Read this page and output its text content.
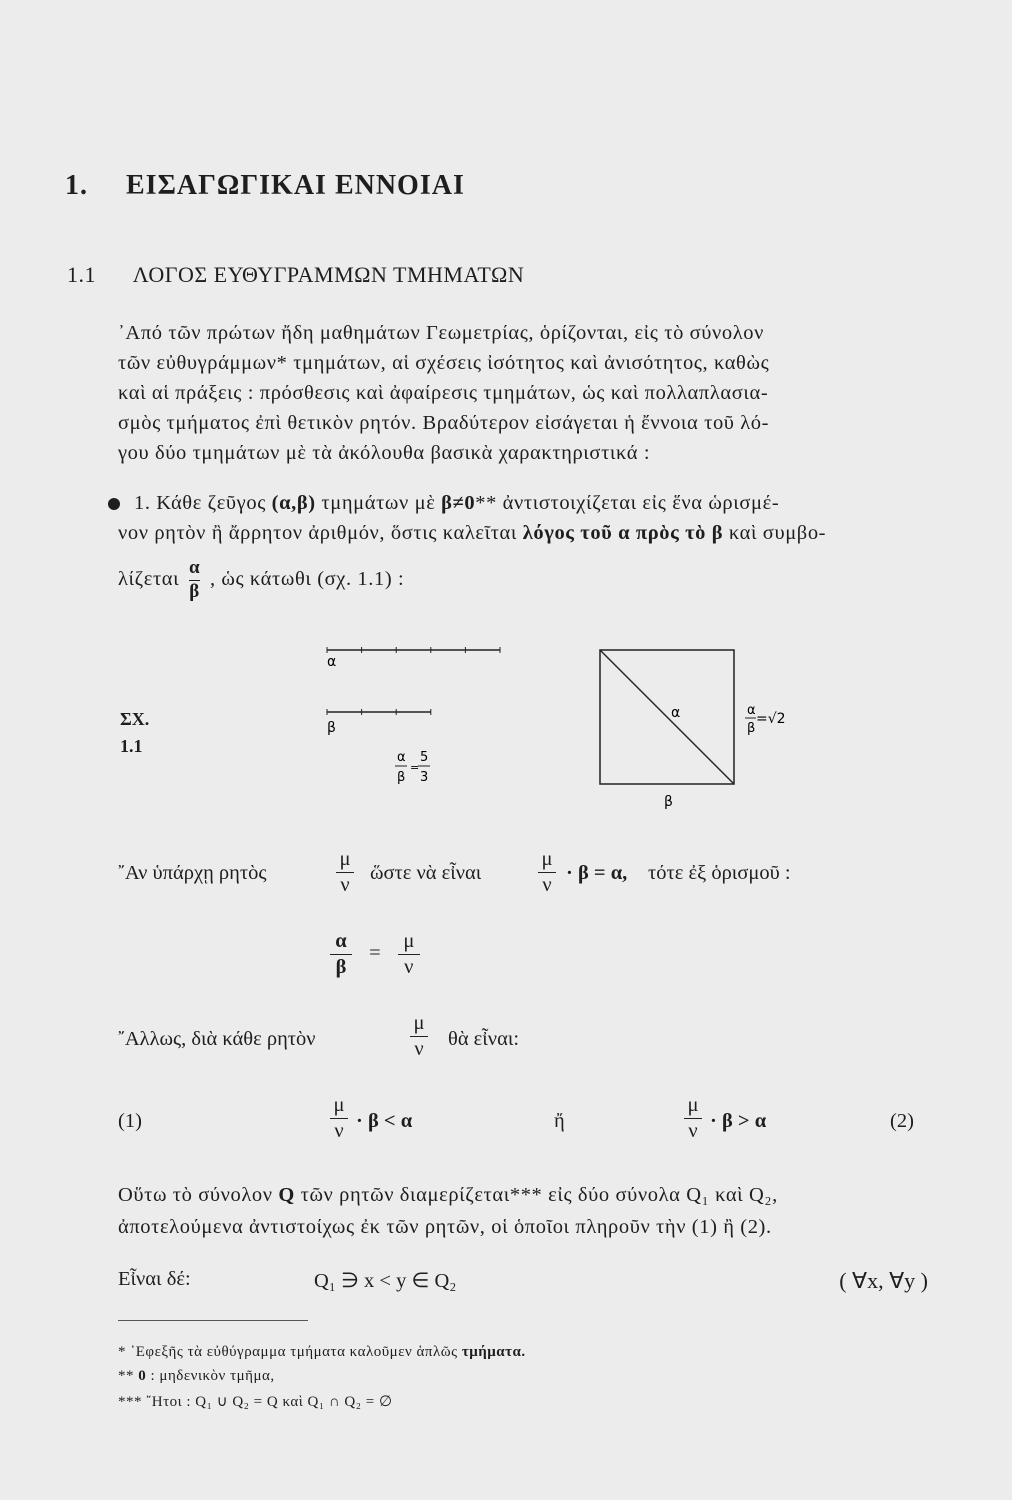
1. ΕΙΣΑΓΩΓΙΚΑΙ ΕΝΝΟΙΑΙ
1.1 ΛΟΓΟΣ ΕΥΘΥΓΡΑΜΜΩΝ ΤΜΗΜΑΤΩΝ
᾿Από τῶν πρώτων ἤδη μαθημάτων Γεωμετρίας, ὁρίζονται, εἰς τὸ σύνολον
τῶν εὐθυγράμμων* τμημάτων, αἱ σχέσεις ἰσότητος καὶ ἀνισότητος, καθὼς
καὶ αἱ πράξεις : πρόσθεσις καὶ ἀφαίρεσις τμημάτων, ὡς καὶ πολλαπλασια-
σμὸς τμήματος ἐπὶ θετικὸν ρητόν. Βραδύτερον εἰσάγεται ἡ ἔννοια τοῦ λό-
γου δύο τμημάτων μὲ τὰ ἀκόλουθα βασικὰ χαρακτηριστικά :
1. Κάθε ζεῦγος (α,β) τμημάτων μὲ β≠0** ἀντιστοιχίζεται εἰς ἕνα ὡρισμέ-
νον ρητὸν ἢ ἄρρητον ἀριθμόν, ὅστις καλεῖται λόγος τοῦ α πρὸς τὸ β καὶ συμβο-
λίζεται $\frac{\alpha}{\beta}$ , ὡς κάτωθι (σχ. 1.1) :
ΣΧ.
1.1
α
β
α
β
=
5
3
α
β
α
β
=√2
῎Αν ὑπάρχῃ ρητὸς
μ
ν
ὥστε νὰ εἶναι
μ
ν
· β = α, τότε ἐξ ὁρισμοῦ :
$\frac{\alpha}{\beta} = \frac{\mu}{\nu}$
῎Αλλως, διὰ κάθε ρητὸν
μ
ν θὰ εἶναι:
(1)
μ
ν · β < α	ἤ
μ
ν · β > α	(2)
Οὕτω τὸ σύνολον Q τῶν ρητῶν διαμερίζεται*** εἰς δύο σύνολα Q₁ καὶ Q₂,
ἀποτελούμενα ἀντιστοίχως ἐκ τῶν ρητῶν, οἱ ὁποῖοι πληροῦν τὴν (1) ἢ (2).
Εἶναι δέ:	Q₁ ∋ x < y ∈ Q₂	( ∀x, ∀y )
* ᾿Εφεξῆς τὰ εὐθύγραμμα τμήματα καλοῦμεν ἁπλῶς τμήματα.
** 0 : μηδενικὸν τμῆμα,
*** ῎Ητοι : Q₁ ∪ Q₂ = Q καὶ Q₁ ∩ Q₂ = ∅
